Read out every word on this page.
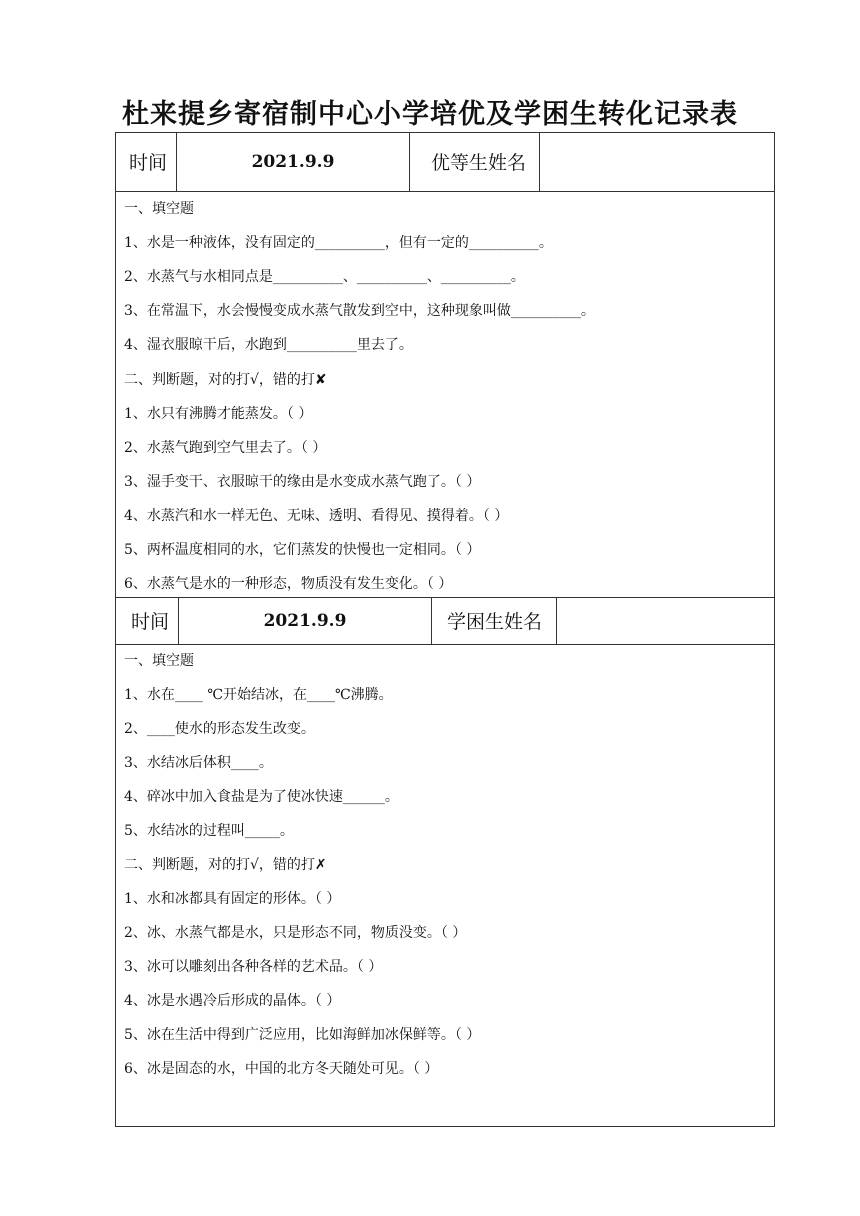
杜来提乡寄宿制中心小学培优及学困生转化记录表
时间	2021.9.9	优等生姓名
一、填空题
1、水是一种液体，没有固定的__________，但有一定的__________。
2、水蒸气与水相同点是__________、__________、__________。
3、在常温下，水会慢慢变成水蒸气散发到空中，这种现象叫做__________。
4、湿衣服晾干后，水跑到__________里去了。
二、判断题，对的打√，错的打✘
1、水只有沸腾才能蒸发。（ ）
2、水蒸气跑到空气里去了。（ ）
3、湿手变干、衣服晾干的缘由是水变成水蒸气跑了。（ ）
4、水蒸汽和水一样无色、无味、透明、看得见、摸得着。（ ）
5、两杯温度相同的水，它们蒸发的快慢也一定相同。（ ）
6、水蒸气是水的一种形态，物质没有发生变化。（ ）
时间	2021.9.9	学困生姓名
一、填空题
1、水在____ ℃开始结冰，在____℃沸腾。
2、____使水的形态发生改变。
3、水结冰后体积____。
4、碎冰中加入食盐是为了使冰快速______。
5、水结冰的过程叫_____。
二、判断题，对的打√，错的打✗
1、水和冰都具有固定的形体。（ ）
2、冰、水蒸气都是水，只是形态不同，物质没变。（ ）
3、冰可以雕刻出各种各样的艺术品。（ ）
4、冰是水遇冷后形成的晶体。（ ）
5、冰在生活中得到广泛应用，比如海鲜加冰保鲜等。（ ）
6、冰是固态的水，中国的北方冬天随处可见。（ ）
